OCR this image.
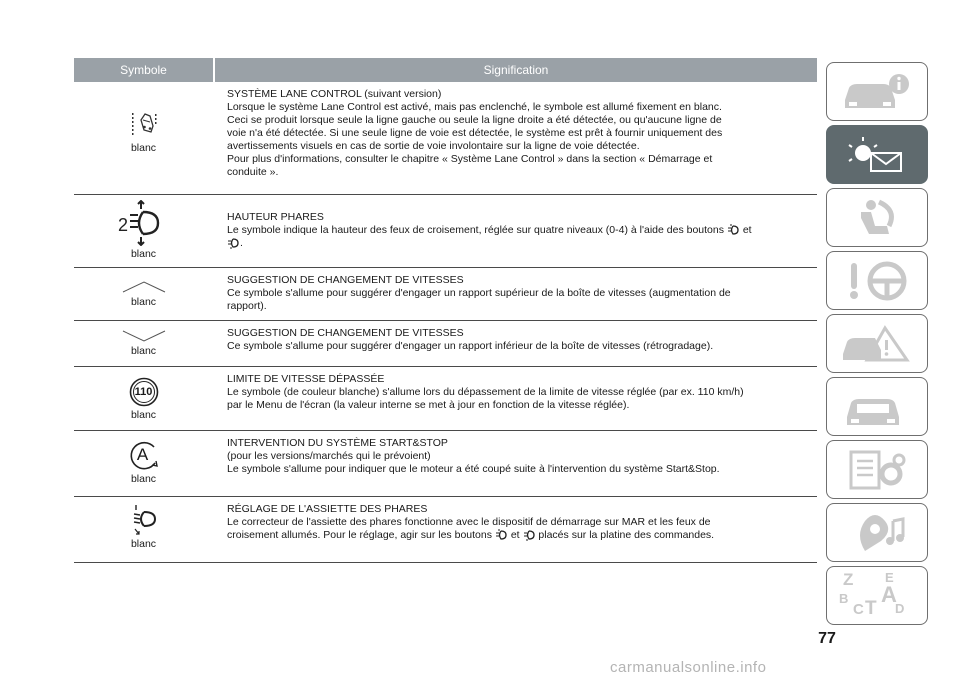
Symbole	Signification
blanc

SYSTÈME LANE CONTROL (suivant version)

Lorsque le système Lane Control est activé, mais pas enclenché, le symbole est allumé fixement en blanc.

Ceci se produit lorsque seule la ligne gauche ou seule la ligne droite a été détectée, ou qu'aucune ligne de

voie n'a été détectée. Si une seule ligne de voie est détectée, le système est prêt à fournir uniquement des

avertissements visuels en cas de sortie de voie involontaire sur la ligne de voie détectée.

Pour plus d'informations, consulter le chapitre « Système Lane Control » dans la section « Démarrage et

conduite ».

2
blanc

HAUTEUR PHARES

Le symbole indique la hauteur des feux de croisement, réglée sur quatre niveaux (0-4) à l'aide des boutons et

.

blanc

SUGGESTION DE CHANGEMENT DE VITESSES

Ce symbole s'allume pour suggérer d'engager un rapport supérieur de la boîte de vitesses (augmentation de

rapport).

blanc

SUGGESTION DE CHANGEMENT DE VITESSES

Ce symbole s'allume pour suggérer d'engager un rapport inférieur de la boîte de vitesses (rétrogradage).

110
blanc

LIMITE DE VITESSE DÉPASSÉE

Le symbole (de couleur blanche) s'allume lors du dépassement de la limite de vitesse réglée (par ex. 110 km/h)

par le Menu de l'écran (la valeur interne se met à jour en fonction de la vitesse réglée).

A
blanc

INTERVENTION DU SYSTÈME START&STOP

(pour les versions/marchés qui le prévoient)

Le symbole s'allume pour indiquer que le moteur a été coupé suite à l'intervention du système Start&Stop.

blanc

RÉGLAGE DE L'ASSIETTE DES PHARES

Le correcteur de l'assiette des phares fonctionne avec le dispositif de démarrage sur MAR et les feux de

croisement allumés. Pour le réglage, agir sur les boutons et placés sur la platine des commandes.

Z E
A
B
C T D
77
carmanualsonline.info
